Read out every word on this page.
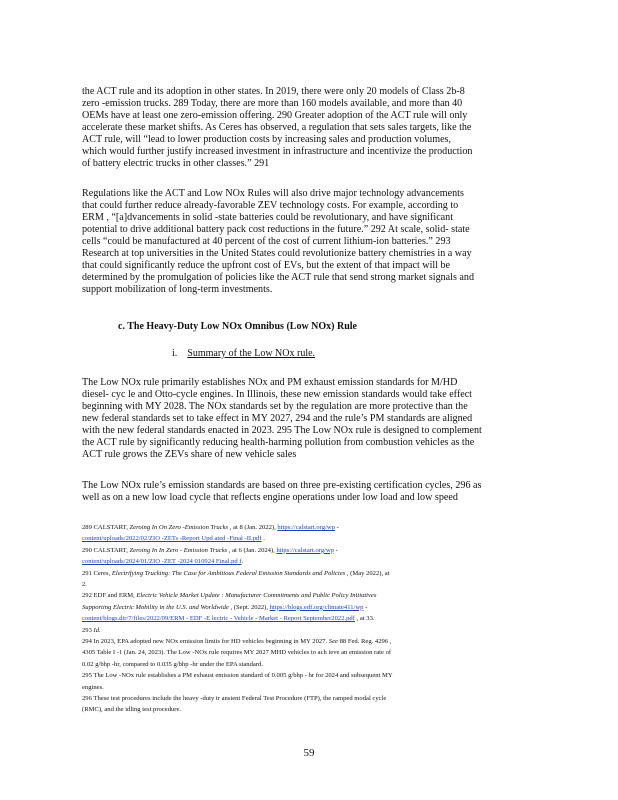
the ACT rule and its adoption in other states. In 2019, there were only 20 models of Class 2b-8
zero -emission trucks. 289 Today, there are more than 160 models available, and more than 40
OEMs have at least one zero-emission offering. 290 Greater adoption of the ACT rule will only
accelerate these market shifts. As Ceres has observed, a regulation that sets sales targets, like the
ACT rule, will “lead to lower production costs by increasing sales and production volumes,
which would further justify increased investment in infrastructure and incentivize the production
of battery electric trucks in other classes.” 291
Regulations like the ACT and Low NOx Rules will also drive major technology advancements
that could further reduce already-favorable ZEV technology costs. For example, according to
ERM , “[a]dvancements in solid -state batteries could be revolutionary, and have significant
potential to drive additional battery pack cost reductions in the future.” 292 At scale, solid- state
cells “could be manufactured at 40 percent of the cost of current lithium-ion batteries.” 293
Research at top universities in the United States could revolutionize battery chemistries in a way
that could significantly reduce the upfront cost of EVs, but the extent of that impact will be
determined by the promulgation of policies like the ACT rule that send strong market signals and
support mobilization of long-term investments.
c. The Heavy-Duty Low NOx Omnibus (Low NOx) Rule
i. Summary of the Low NOx rule.
The Low NOx rule primarily establishes NOx and PM exhaust emission standards for M/HD
diesel- cyc le and Otto-cycle engines. In Illinois, these new emission standards would take effect
beginning with MY 2028. The NOx standards set by the regulation are more protective than the
new federal standards set to take effect in MY 2027, 294 and the rule’s PM standards are aligned
with the new federal standards enacted in 2023. 295 The Low NOx rule is designed to complement
the ACT rule by significantly reducing health-harming pollution from combustion vehicles as the
ACT rule grows the ZEVs share of new vehicle sales
The Low NOx rule’s emission standards are based on three pre-existing certification cycles, 296 as
well as on a new low load cycle that reflects engine operations under low load and low speed
289 CALSTART, Zeroing In On Zero -Emission Trucks , at 8 (Jan. 2022), https://calstart.org/wp -
content/uploads/2022/02/ZIO -ZETs -Report Upd ated -Final -II.pdf .
290 CALSTART, Zeroing In In Zero - Emission Trucks , at 6 (Jan. 2024), https://calstart.org/wp -
content/uploads/2024/01/ZIO -ZET -2024 010924 Final.pd f.
291 Ceres, Electrifying Trucking: The Case for Ambitious Federal Emission Standards and Policies , (May 2022), at
2.
292 EDF and ERM, Electric Vehicle Market Update : Manufacturer Commitments and Public Policy Initiatives
Supporting Electric Mobility in the U.S. and Worldwide , (Sept. 2022), https://blogs.edf.org/climate411/wp -
content/blogs.dir/7/files/2022/09/ERM - EDF -E lectric - Vehicle - Market - Report September2022.pdf , at 33.
293 Id.
294 In 2023, EPA adopted new NOx emission limits for HD vehicles beginning in MY 2027. See 88 Fed. Reg. 4296 ,
4305 Table I -1 (Jan. 24, 2023). The Low -NOx rule requires MY 2027 MHD vehicles to ach ieve an emission rate of
0.02 g/bhp -hr, compared to 0.035 g/bhp -hr under the EPA standard.
295 The Low -NOx rule establishes a PM exhaust emission standard of 0.005 g/bhp - hr for 2024 and subsequent MY
engines.
296 These test procedures include the heavy -duty tr ansient Federal Test Procedure (FTP), the ramped modal cycle
(RMC), and the idling test procedure.
59
